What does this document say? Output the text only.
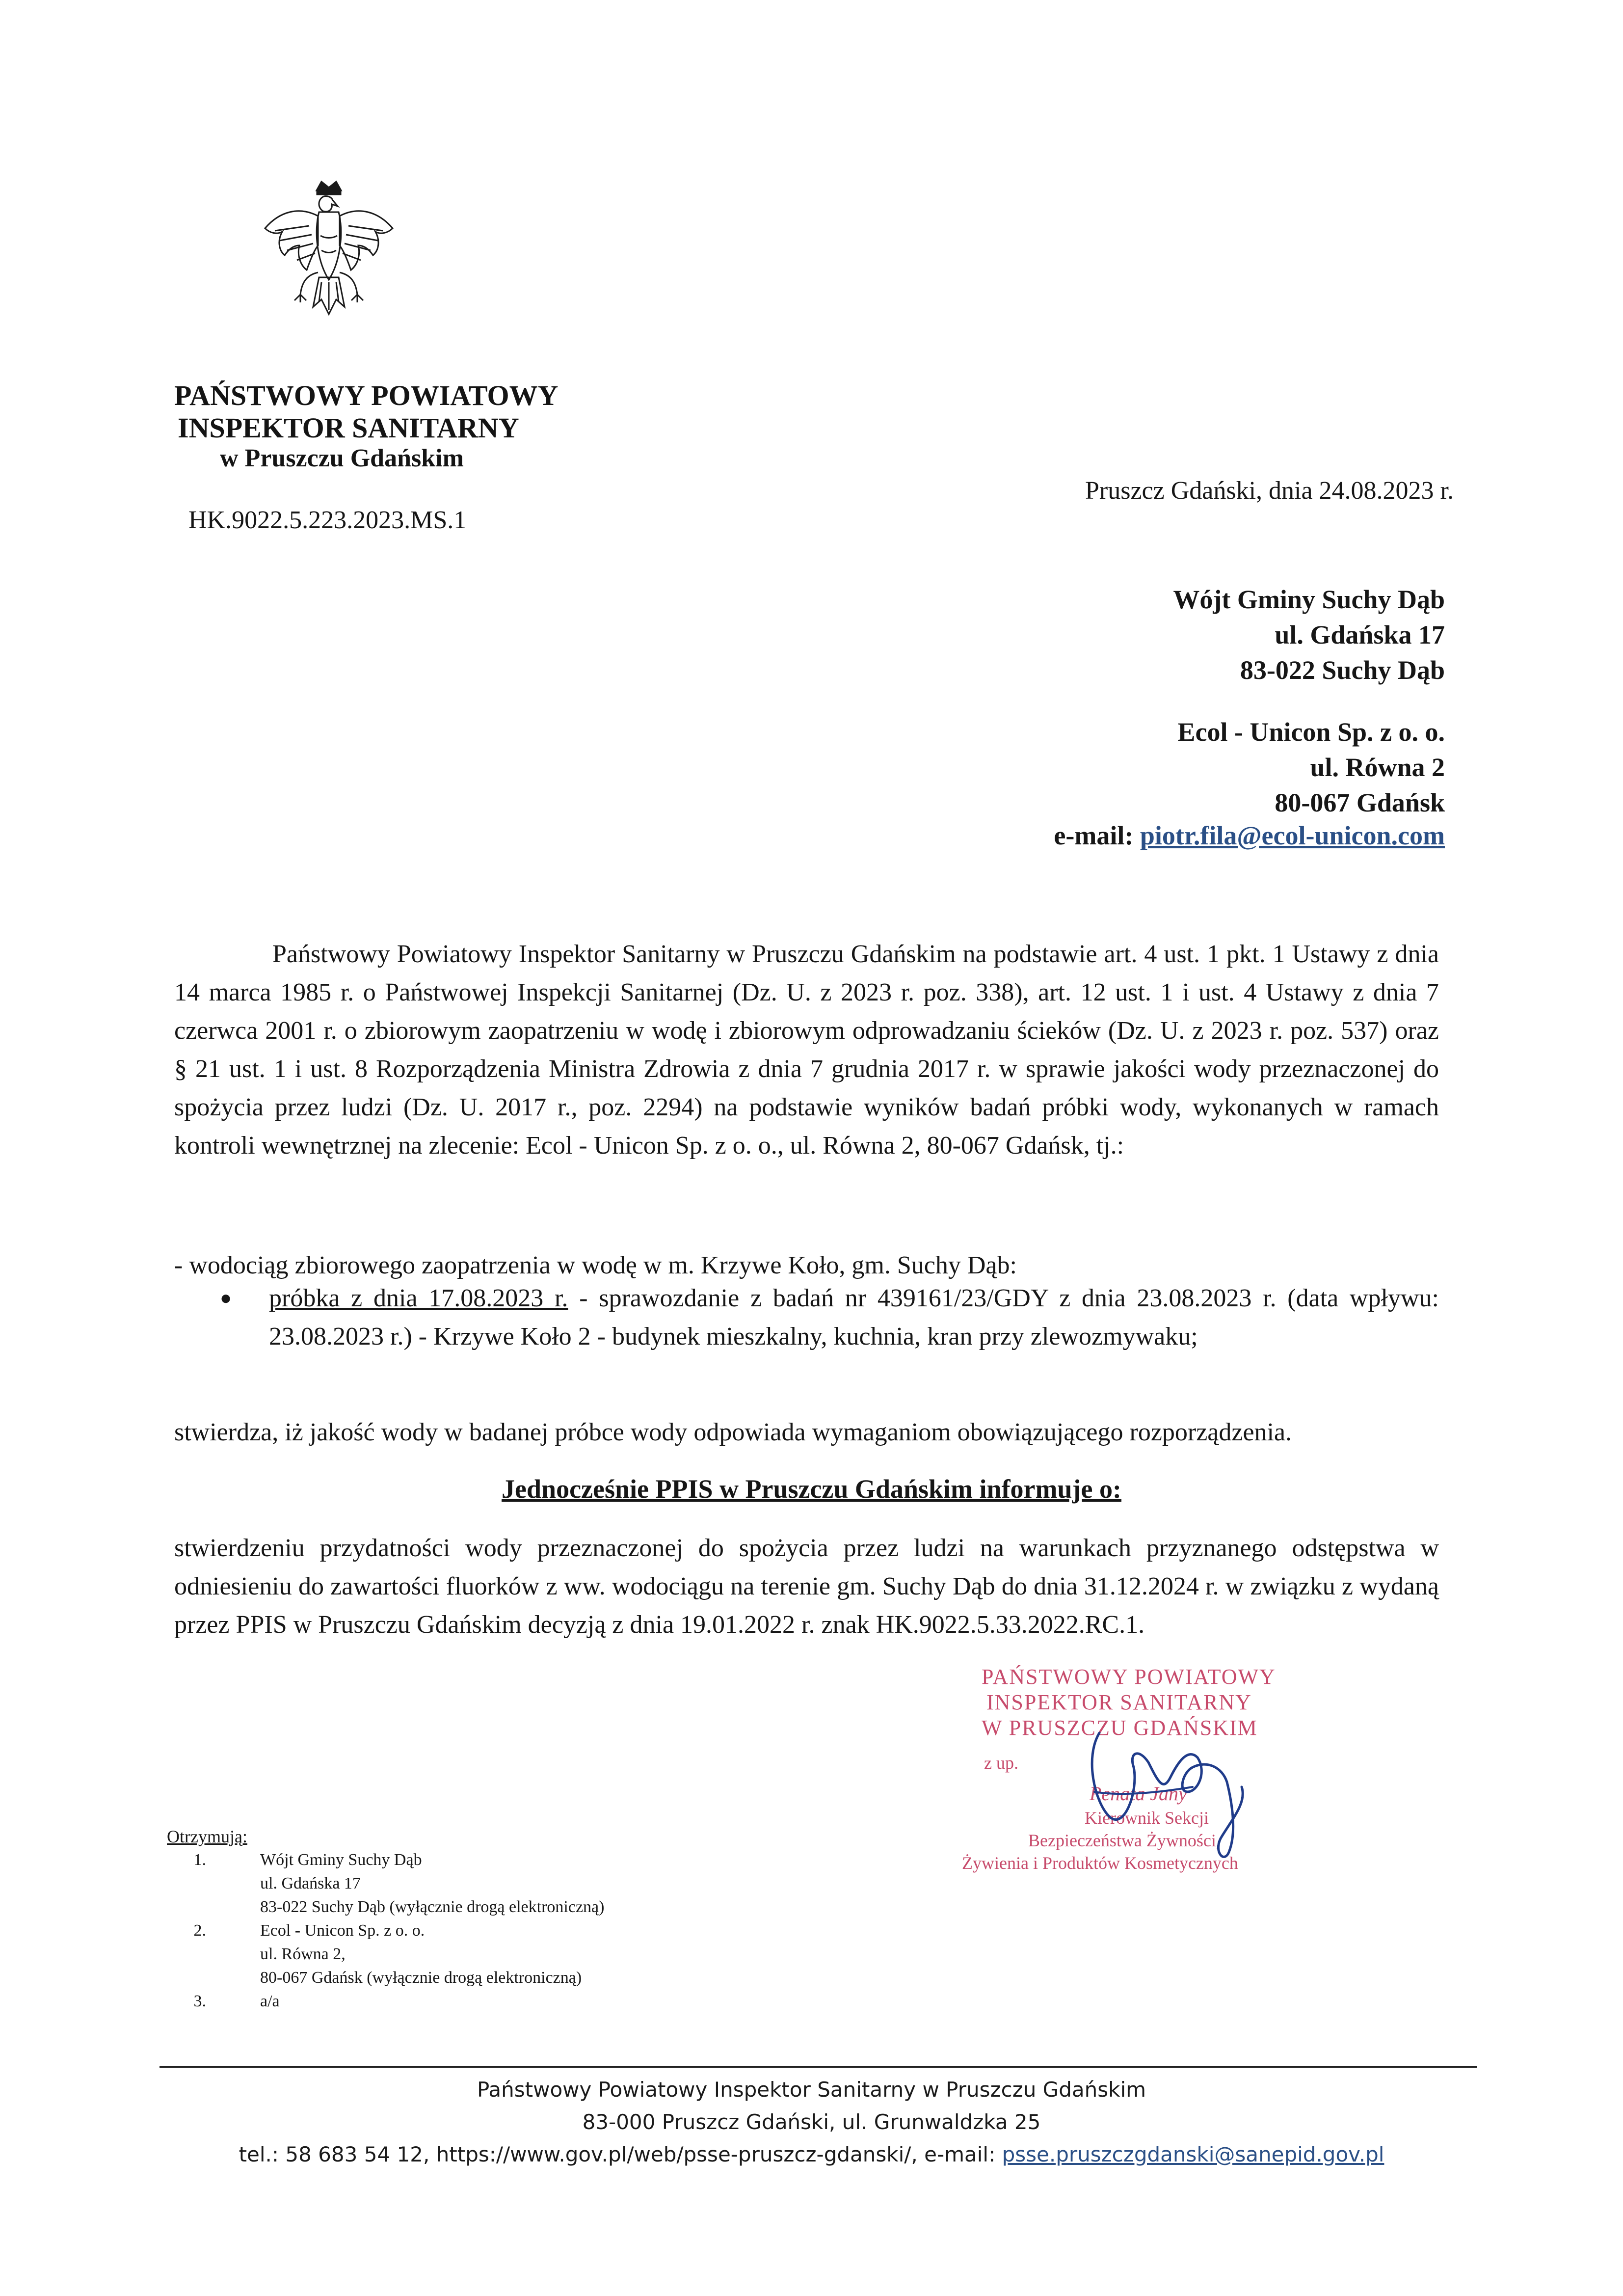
PAŃSTWOWY POWIATOWY
INSPEKTOR SANITARNY
w Pruszczu Gdańskim
HK.9022.5.223.2023.MS.1
Pruszcz Gdański, dnia 24.08.2023 r.
Wójt Gminy Suchy Dąb
ul. Gdańska 17
83-022 Suchy Dąb
Ecol - Unicon Sp. z o. o.
ul. Równa 2
80-067 Gdańsk
e-mail: piotr.fila@ecol-unicon.com
Państwowy Powiatowy Inspektor Sanitarny w Pruszczu Gdańskim na podstawie art. 4 ust. 1 pkt. 1 Ustawy z dnia 14 marca 1985 r. o Państwowej Inspekcji Sanitarnej (Dz. U. z 2023 r. poz. 338), art. 12 ust. 1 i ust. 4 Ustawy z dnia 7 czerwca 2001 r. o zbiorowym zaopatrzeniu w wodę i zbiorowym odprowadzaniu ścieków (Dz. U. z 2023 r. poz. 537) oraz § 21 ust. 1 i ust. 8 Rozporządzenia Ministra Zdrowia z dnia 7 grudnia 2017 r. w sprawie jakości wody przeznaczonej do spożycia przez ludzi (Dz. U. 2017 r., poz. 2294) na podstawie wyników badań próbki wody, wykonanych w ramach kontroli wewnętrznej na zlecenie: Ecol - Unicon Sp. z o. o., ul. Równa 2, 80-067 Gdańsk, tj.:
- wodociąg zbiorowego zaopatrzenia w wodę w m. Krzywe Koło, gm. Suchy Dąb:
● próbka z dnia 17.08.2023 r. - sprawozdanie z badań nr 439161/23/GDY z dnia 23.08.2023 r. (data wpływu: 23.08.2023 r.) - Krzywe Koło 2 - budynek mieszkalny, kuchnia, kran przy zlewozmywaku;
stwierdza, iż jakość wody w badanej próbce wody odpowiada wymaganiom obowiązującego rozporządzenia.
Jednocześnie PPIS w Pruszczu Gdańskim informuje o:
stwierdzeniu przydatności wody przeznaczonej do spożycia przez ludzi na warunkach przyznanego odstępstwa w odniesieniu do zawartości fluorków z ww. wodociągu na terenie gm. Suchy Dąb do dnia 31.12.2024 r. w związku z wydaną przez PPIS w Pruszczu Gdańskim decyzją z dnia 19.01.2022 r. znak HK.9022.5.33.2022.RC.1.
PAŃSTWOWY POWIATOWY
INSPEKTOR SANITARNY
W PRUSZCZU GDAŃSKIM
z up.
Renata Jany
Kierownik Sekcji
Bezpieczeństwa Żywności,
Żywienia i Produktów Kosmetycznych
Otrzymują:
1.	Wójt Gminy Suchy Dąb
ul. Gdańska 17
83-022 Suchy Dąb (wyłącznie drogą elektroniczną)
2.	Ecol - Unicon Sp. z o. o.
ul. Równa 2,
80-067 Gdańsk (wyłącznie drogą elektroniczną)
3.	a/a
Państwowy Powiatowy Inspektor Sanitarny w Pruszczu Gdańskim
83-000 Pruszcz Gdański, ul. Grunwaldzka 25
tel.: 58 683 54 12, https://www.gov.pl/web/psse-pruszcz-gdanski/, e-mail: psse.pruszczgdanski@sanepid.gov.pl
